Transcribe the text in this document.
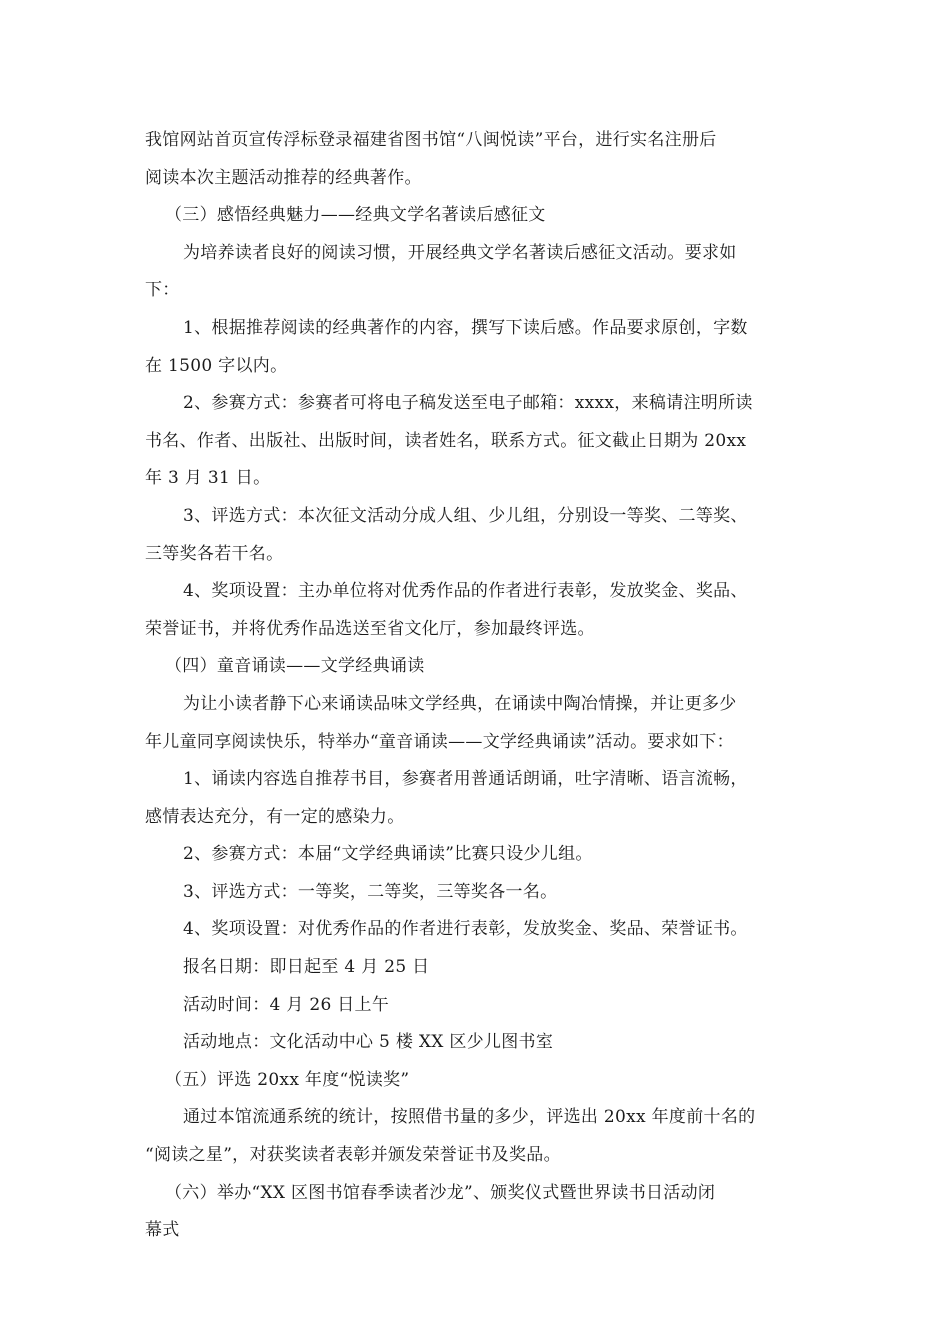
我馆网站首页宣传浮标登录福建省图书馆“八闽悦读”平台，进行实名注册后
阅读本次主题活动推荐的经典著作。
（三）感悟经典魅力——经典文学名著读后感征文
为培养读者良好的阅读习惯，开展经典文学名著读后感征文活动。要求如
下：
1、根据推荐阅读的经典著作的内容，撰写下读后感。作品要求原创，字数
在 1500 字以内。
2、参赛方式：参赛者可将电子稿发送至电子邮箱：xxxx，来稿请注明所读
书名、作者、出版社、出版时间，读者姓名，联系方式。征文截止日期为 20xx
年 3 月 31 日。
3、评选方式：本次征文活动分成人组、少儿组，分别设一等奖、二等奖、
三等奖各若干名。
4、奖项设置：主办单位将对优秀作品的作者进行表彰，发放奖金、奖品、
荣誉证书，并将优秀作品选送至省文化厅，参加最终评选。
（四）童音诵读——文学经典诵读
为让小读者静下心来诵读品味文学经典，在诵读中陶冶情操，并让更多少
年儿童同享阅读快乐，特举办“童音诵读——文学经典诵读”活动。要求如下：
1、诵读内容选自推荐书目，参赛者用普通话朗诵，吐字清晰、语言流畅，
感情表达充分，有一定的感染力。
2、参赛方式：本届“文学经典诵读”比赛只设少儿组。
3、评选方式：一等奖，二等奖，三等奖各一名。
4、奖项设置：对优秀作品的作者进行表彰，发放奖金、奖品、荣誉证书。
报名日期：即日起至 4 月 25 日
活动时间：4 月 26 日上午
活动地点：文化活动中心 5 楼 XX 区少儿图书室
（五）评选 20xx 年度“悦读奖”
通过本馆流通系统的统计，按照借书量的多少，评选出 20xx 年度前十名的
“阅读之星”，对获奖读者表彰并颁发荣誉证书及奖品。
（六）举办“XX 区图书馆春季读者沙龙”、颁奖仪式暨世界读书日活动闭
幕式
